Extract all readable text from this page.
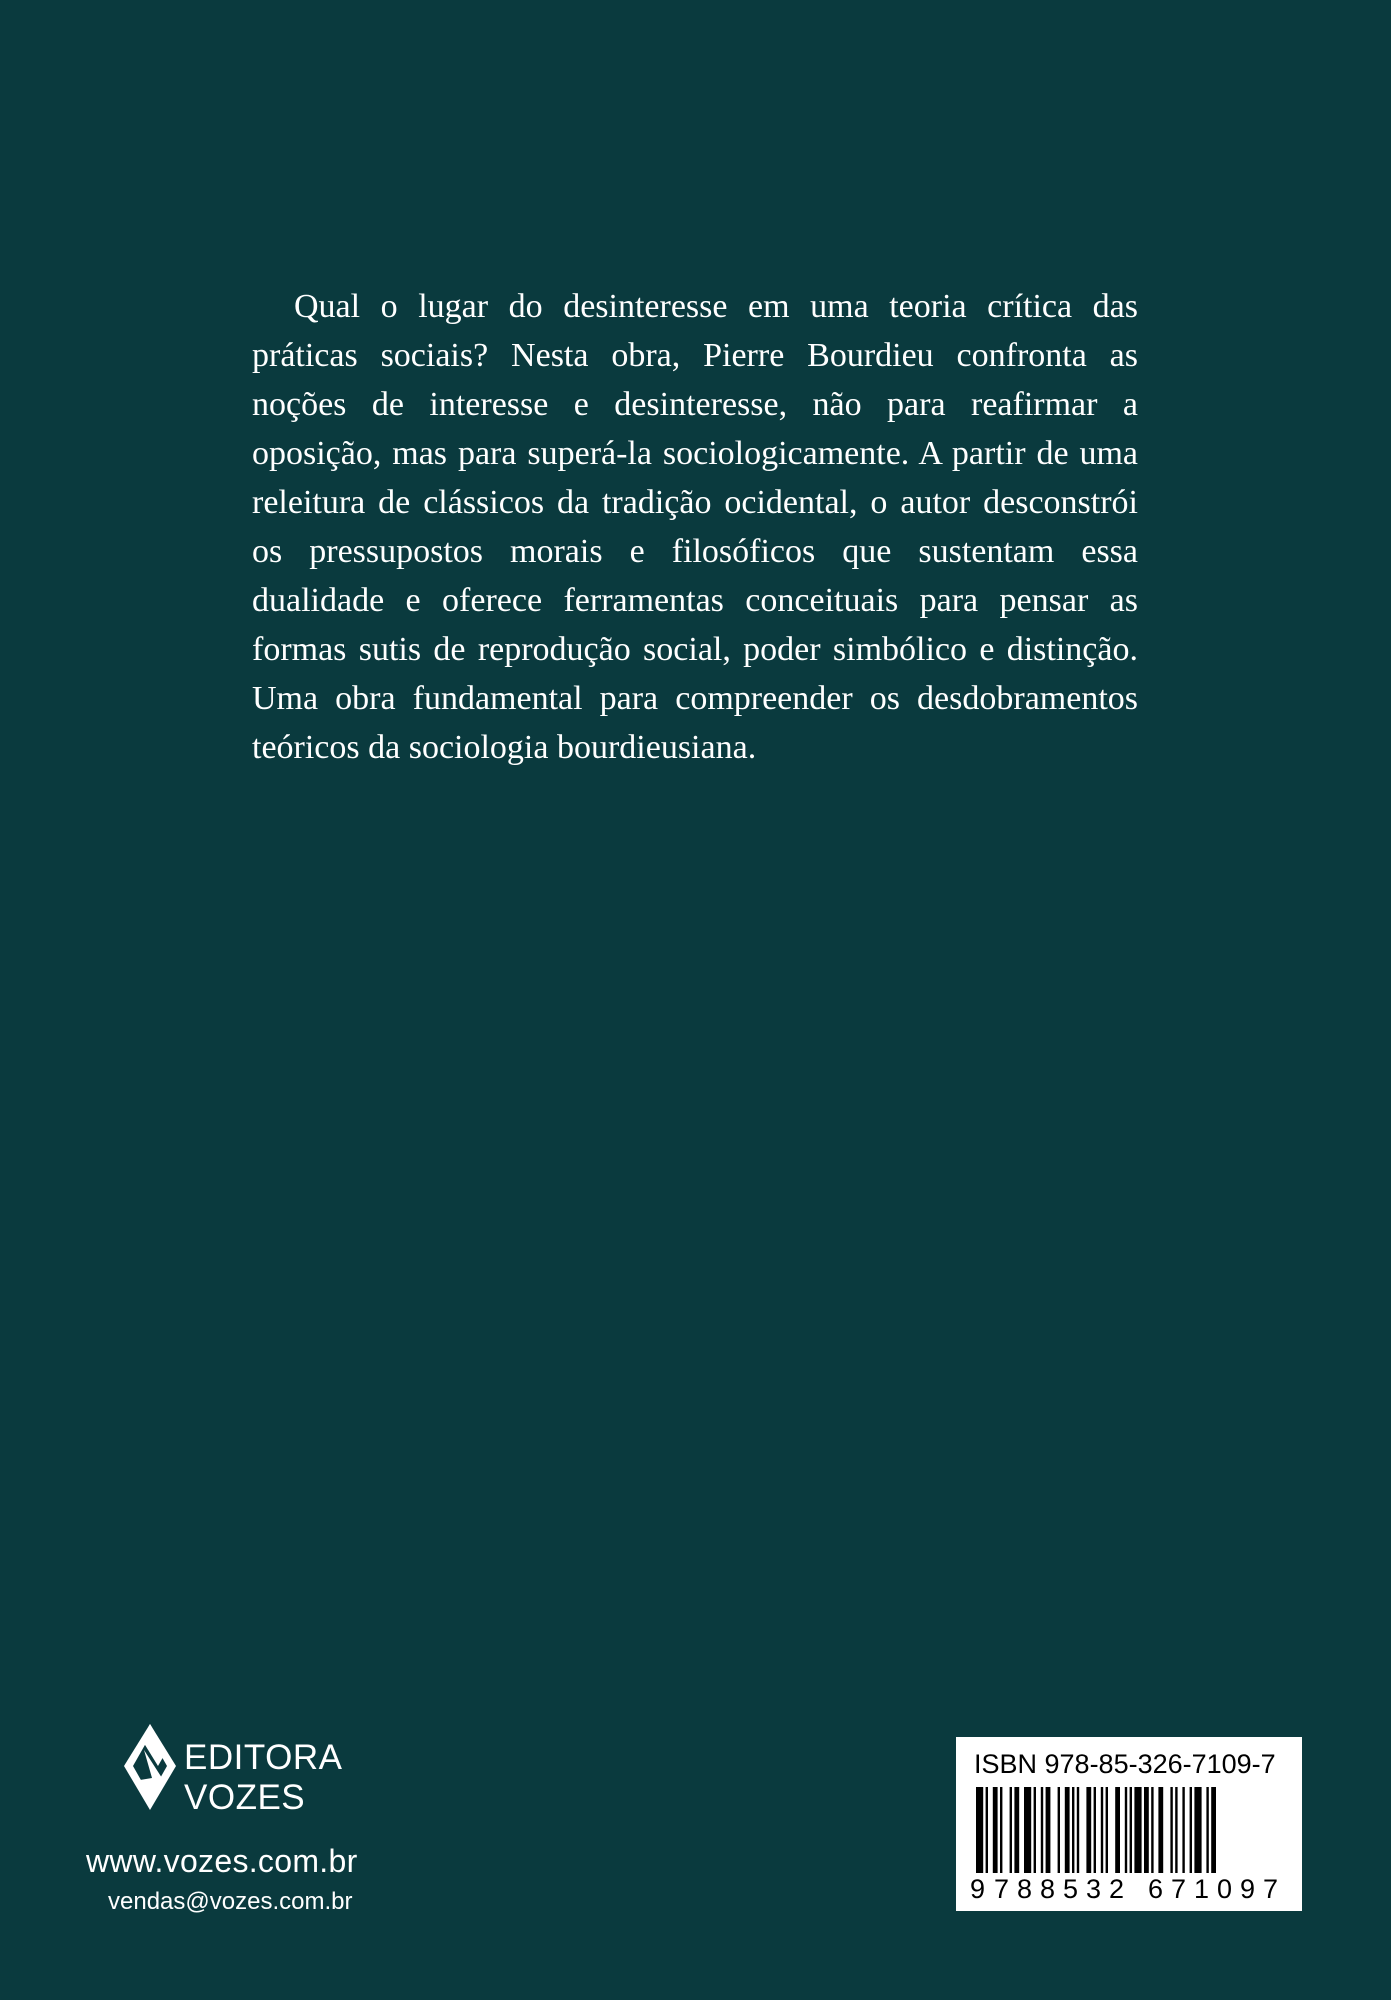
Qual o lugar do desinteresse em uma teoria crítica das práticas sociais? Nesta obra, Pierre Bourdieu confronta as noções de interesse e desinteresse, não para reafirmar a oposição, mas para superá-la sociologicamente. A partir de uma releitura de clássicos da tradição ocidental, o autor desconstrói os pressupostos morais e filosóficos que sustentam essa dualidade e oferece ferramentas conceituais para pensar as formas sutis de reprodução social, poder simbólico e distinção. Uma obra fundamental para compreender os desdobramentos teóricos da sociologia bourdieusiana.

EDITORA
VOZES
www.vozes.com.br
vendas@vozes.com.br
ISBN 978-85-326-7109-7
9 7 8 8 5 3 2 6 7 1 0 9 7
